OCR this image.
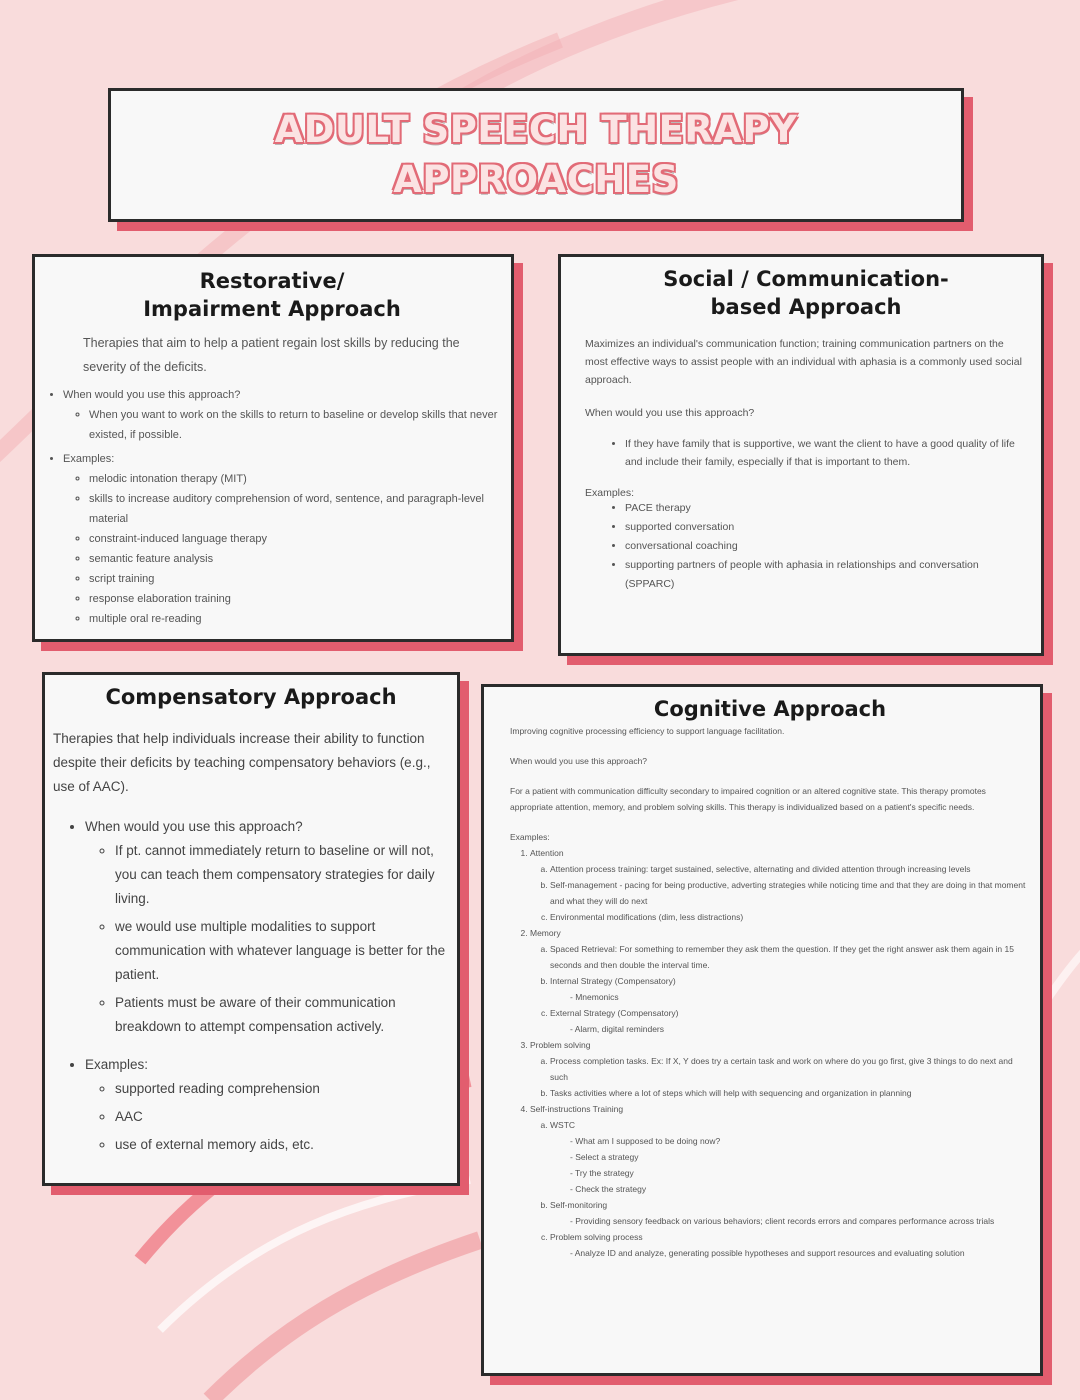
ADULT SPEECH THERAPY
APPROACHES
Restorative/
Impairment Approach

Therapies that aim to help a patient regain lost skills by reducing the severity of the deficits.

• When would you use this approach?
◦ When you want to work on the skills to return to baseline or develop skills that never existed, if possible.
• Examples:
◦ melodic intonation therapy (MIT)
◦ skills to increase auditory comprehension of word, sentence, and paragraph-level material
◦ constraint-induced language therapy
◦ semantic feature analysis
◦ script training
◦ response elaboration training
◦ multiple oral re-reading
Social / Communication-
based Approach

Maximizes an individual's communication function; training communication partners on the most effective ways to assist people with an individual with aphasia is a commonly used social approach.

When would you use this approach?

• If they have family that is supportive, we want the client to have a good quality of life and include their family, especially if that is important to them.

Examples:

• PACE therapy
• supported conversation
• conversational coaching
• supporting partners of people with aphasia in relationships and conversation (SPPARC)
Compensatory Approach

Therapies that help individuals increase their ability to function despite their deficits by teaching compensatory behaviors (e.g., use of AAC).

• When would you use this approach?
◦ If pt. cannot immediately return to baseline or will not, you can teach them compensatory strategies for daily living.
◦ we would use multiple modalities to support communication with whatever language is better for the patient.
◦ Patients must be aware of their communication breakdown to attempt compensation actively.
• Examples:
◦ supported reading comprehension
◦ AAC
◦ use of external memory aids, etc.
Cognitive Approach

Improving cognitive processing efficiency to support language facilitation.

When would you use this approach?

For a patient with communication difficulty secondary to impaired cognition or an altered cognitive state. This therapy promotes appropriate attention, memory, and problem solving skills. This therapy is individualized based on a patient's specific needs.

Examples:

1. Attention
a. Attention process training: target sustained, selective, alternating and divided attention through increasing levels
b. Self-management - pacing for being productive, adverting strategies while noticing time and that they are doing in that moment and what they will do next
c. Environmental modifications (dim, less distractions)
2. Memory
a. Spaced Retrieval: For something to remember they ask them the question. If they get the right answer ask them again in 15 seconds and then double the interval time.
b. Internal Strategy (Compensatory)
- Mnemonics
c. External Strategy (Compensatory)
- Alarm, digital reminders
3. Problem solving
a. Process completion tasks. Ex: If X, Y does try a certain task and work on where do you go first, give 3 things to do next and such
b. Tasks activities where a lot of steps which will help with sequencing and organization in planning
4. Self-instructions Training
a. WSTC
- What am I supposed to be doing now?
- Select a strategy
- Try the strategy
- Check the strategy
b. Self-monitoring
- Providing sensory feedback on various behaviors; client records errors and compares performance across trials
c. Problem solving process
- Analyze ID and analyze, generating possible hypotheses and support resources and evaluating solution
